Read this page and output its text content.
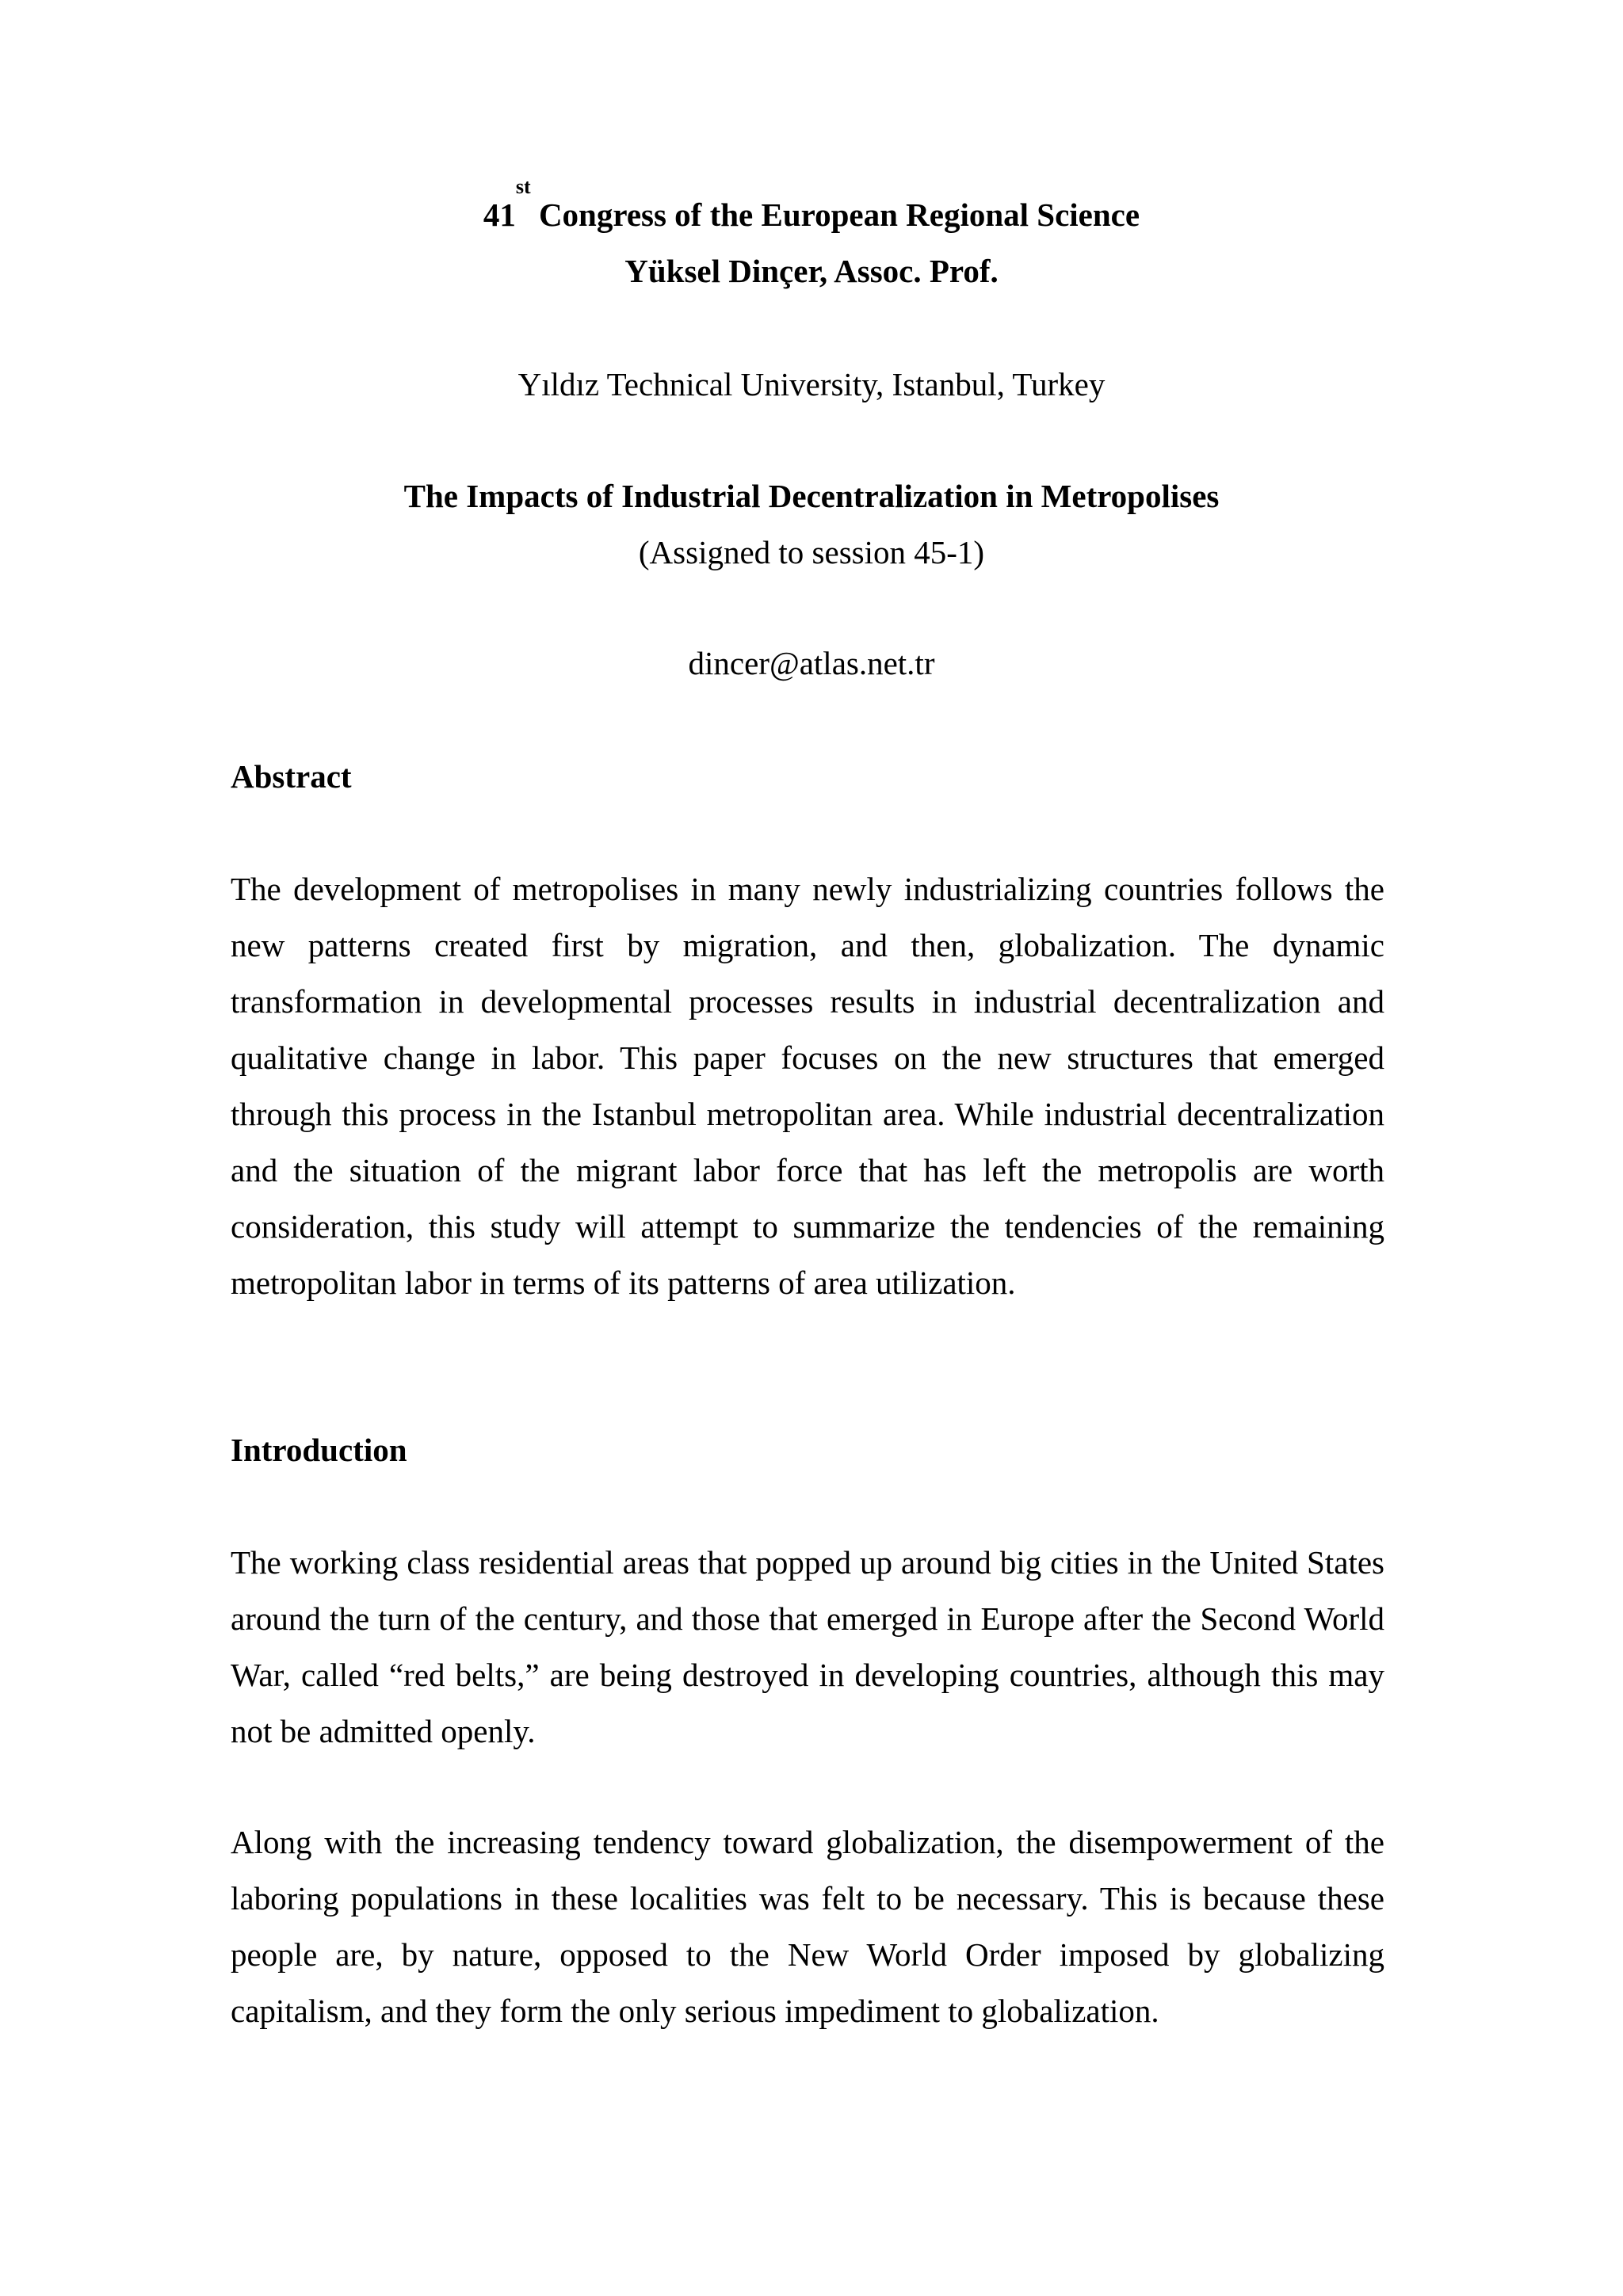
41st Congress of the European Regional Science
Yüksel Dinçer, Assoc. Prof.
Yıldız Technical University, Istanbul, Turkey
The Impacts of Industrial Decentralization in Metropolises
(Assigned to session 45-1)
dincer@atlas.net.tr
Abstract
The development of metropolises in many newly industrializing countries follows the
new patterns created first by migration, and then, globalization. The dynamic
transformation in developmental processes results in industrial decentralization and
qualitative change in labor. This paper focuses on the new structures that emerged
through this process in the Istanbul metropolitan area. While industrial decentralization
and the situation of the migrant labor force that has left the metropolis are worth
consideration, this study will attempt to summarize the tendencies of the remaining
metropolitan labor in terms of its patterns of area utilization.
Introduction
The working class residential areas that popped up around big cities in the United States
around the turn of the century, and those that emerged in Europe after the Second World
War, called “red belts,” are being destroyed in developing countries, although this may
not be admitted openly.
Along with the increasing tendency toward globalization, the disempowerment of the
laboring populations in these localities was felt to be necessary. This is because these
people are, by nature, opposed to the New World Order imposed by globalizing
capitalism, and they form the only serious impediment to globalization.
